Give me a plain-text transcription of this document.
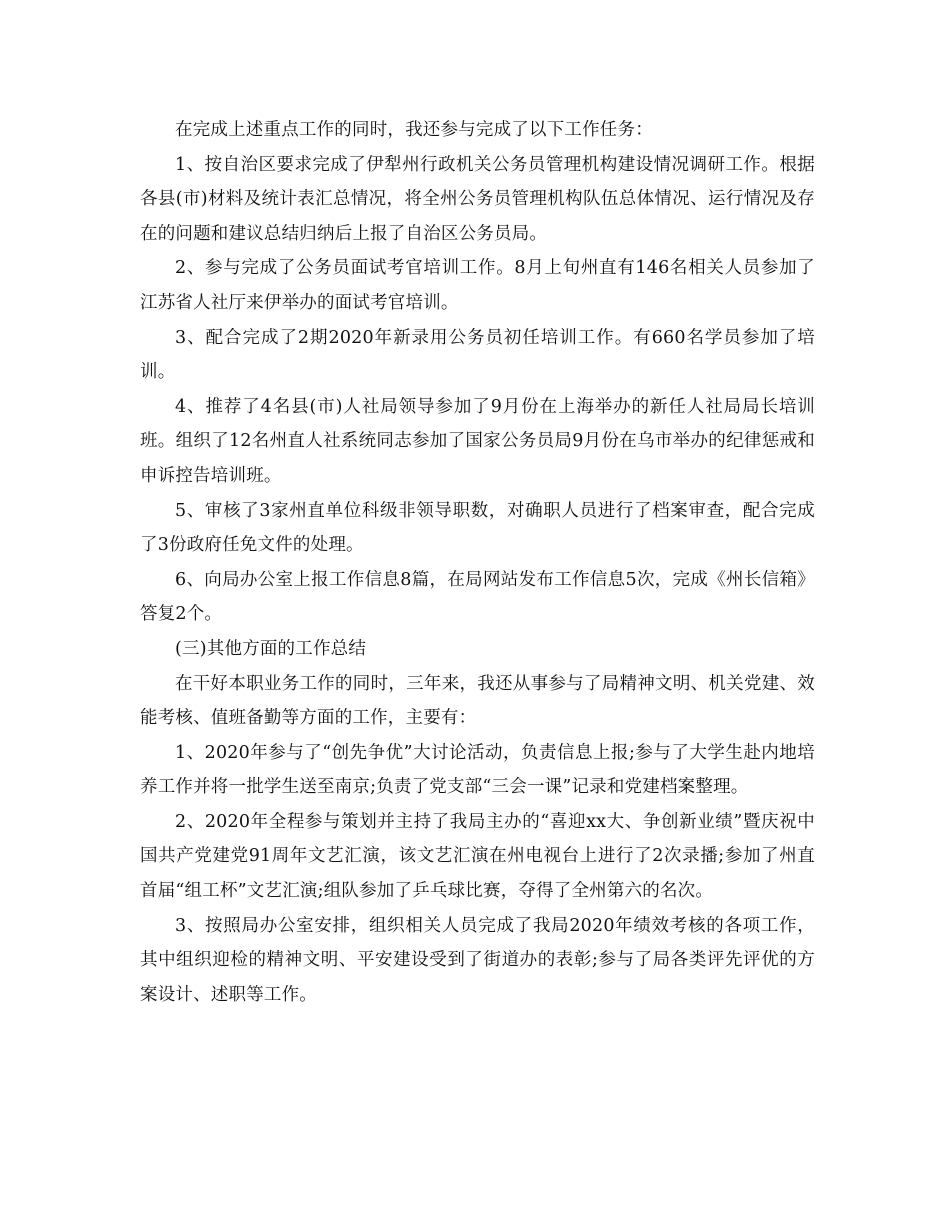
在完成上述重点工作的同时，我还参与完成了以下工作任务：

1、按自治区要求完成了伊犁州行政机关公务员管理机构建设情况调研工作。根据各县(市)材料及统计表汇总情况，将全州公务员管理机构队伍总体情况、运行情况及存在的问题和建议总结归纳后上报了自治区公务员局。

2、参与完成了公务员面试考官培训工作。8月上旬州直有146名相关人员参加了江苏省人社厅来伊举办的面试考官培训。

3、配合完成了2期2020年新录用公务员初任培训工作。有660名学员参加了培训。

4、推荐了4名县(市)人社局领导参加了9月份在上海举办的新任人社局局长培训班。组织了12名州直人社系统同志参加了国家公务员局9月份在乌市举办的纪律惩戒和申诉控告培训班。

5、审核了3家州直单位科级非领导职数，对确职人员进行了档案审查，配合完成了3份政府任免文件的处理。

6、向局办公室上报工作信息8篇，在局网站发布工作信息5次，完成《州长信箱》答复2个。

(三)其他方面的工作总结

在干好本职业务工作的同时，三年来，我还从事参与了局精神文明、机关党建、效能考核、值班备勤等方面的工作，主要有：

1、2020年参与了“创先争优”大讨论活动，负责信息上报;参与了大学生赴内地培养工作并将一批学生送至南京;负责了党支部“三会一课”记录和党建档案整理。

2、2020年全程参与策划并主持了我局主办的“喜迎xx大、争创新业绩”暨庆祝中国共产党建党91周年文艺汇演，该文艺汇演在州电视台上进行了2次录播;参加了州直首届“组工杯”文艺汇演;组队参加了乒乓球比赛，夺得了全州第六的名次。

3、按照局办公室安排，组织相关人员完成了我局2020年绩效考核的各项工作，其中组织迎检的精神文明、平安建设受到了街道办的表彰;参与了局各类评先评优的方案设计、述职等工作。
